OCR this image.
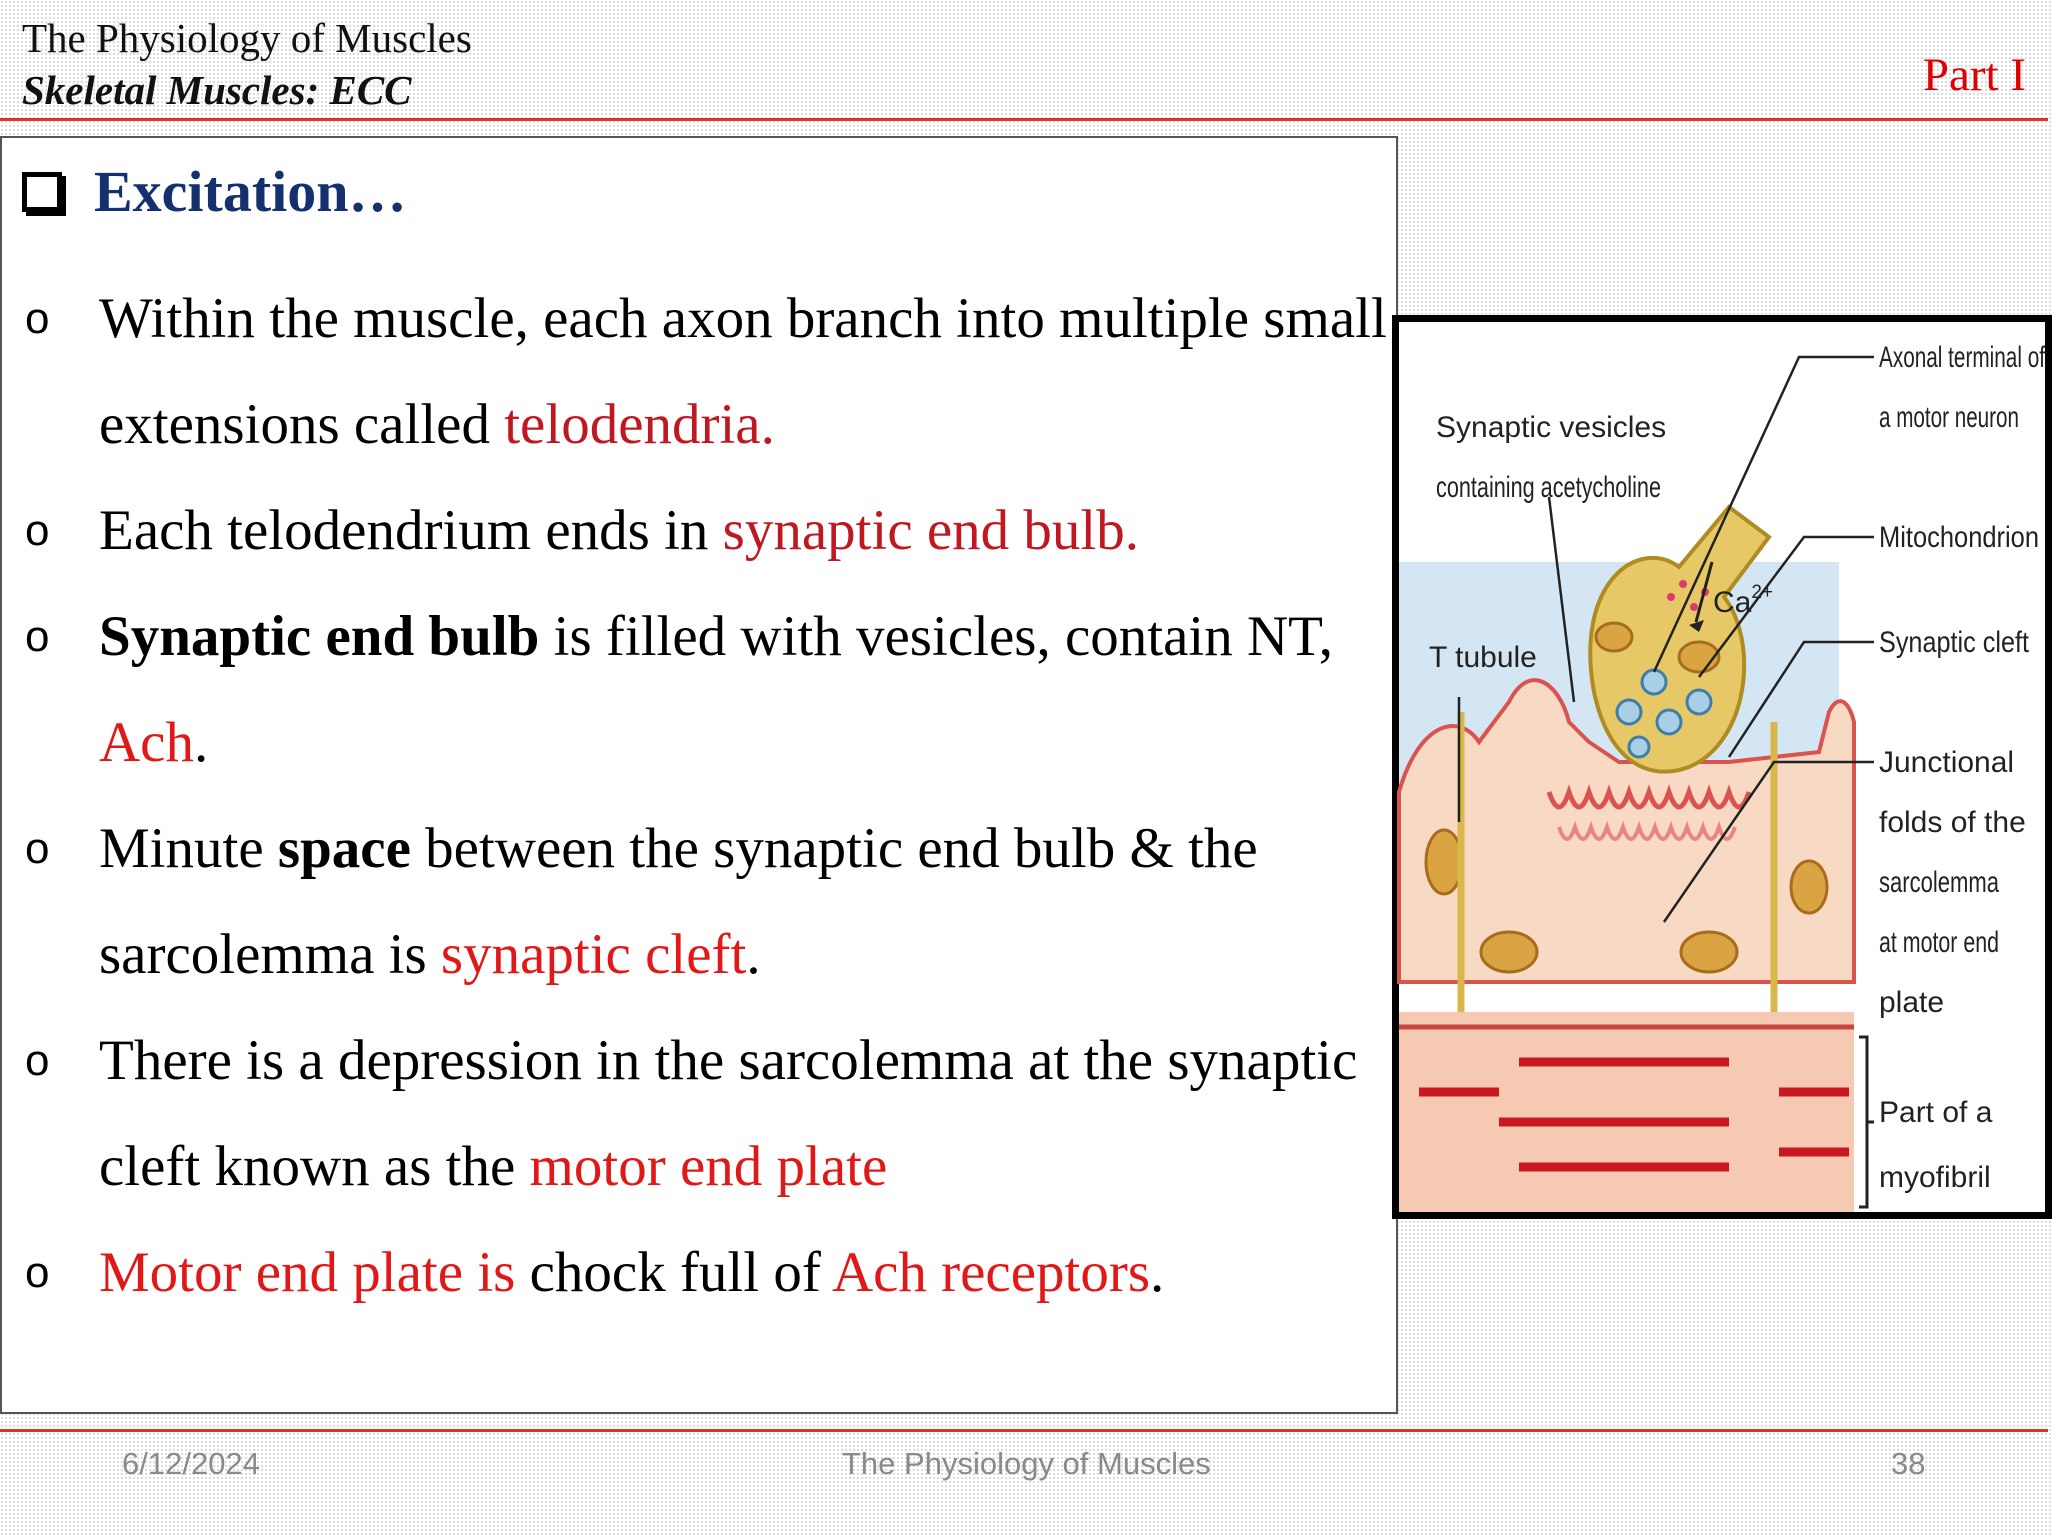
The Physiology of Muscles
Skeletal Muscles: ECC	Part I
Excitation…
o Within the muscle, each axon branch into multiple small extensions called telodendria.
o Each telodendrium ends in synaptic end bulb.
o Synaptic end bulb is filled with vesicles, contain NT, Ach.
o Minute space between the synaptic end bulb & the sarcolemma is synaptic cleft.
o There is a depression in the sarcolemma at the synaptic cleft known as the motor end plate
o Motor end plate is chock full of Ach receptors.
Synaptic vesicles
containing acetycholine
T tubule
$Ca^{2+}$
Axonal terminal of
a motor neuron
Mitochondrion
Synaptic cleft
Junctional
folds of the
sarcolemma
at motor end
plate
Part of a
myofibril
6/12/2024	The Physiology of Muscles	38
